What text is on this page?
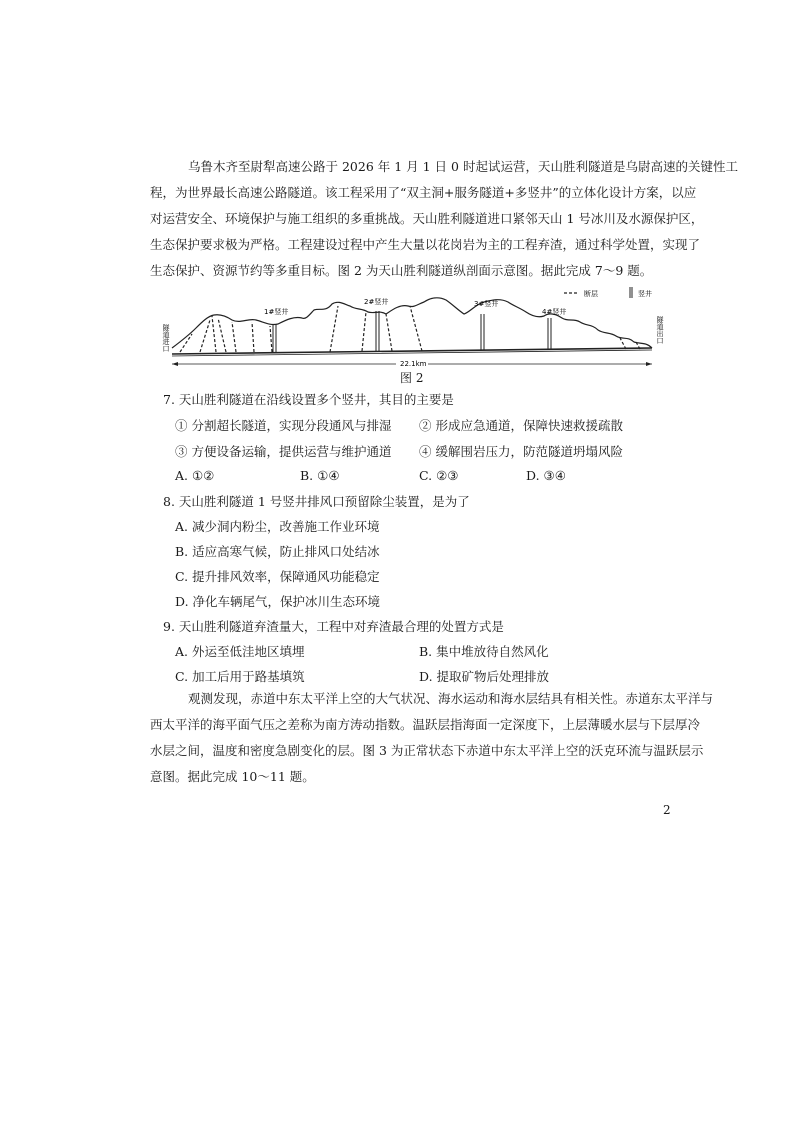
乌鲁木齐至尉犁高速公路于 2026 年 1 月 1 日 0 时起试运营，天山胜利隧道是乌尉高速的关键性工
程，为世界最长高速公路隧道。该工程采用了“双主洞+服务隧道+多竖井”的立体化设计方案，以应
对运营安全、环境保护与施工组织的多重挑战。天山胜利隧道进口紧邻天山 1 号冰川及水源保护区，
生态保护要求极为严格。工程建设过程中产生大量以花岗岩为主的工程弃渣，通过科学处置，实现了
生态保护、资源节约等多重目标。图 2 为天山胜利隧道纵剖面示意图。据此完成 7～9 题。
1#竖井
2#竖井	3#竖井
4#竖井
断层	竖井
隧道进口	隧道出口
22.1km
图 2
7. 天山胜利隧道在沿线设置多个竖井，其目的主要是
① 分割超长隧道，实现分段通风与排湿 ② 形成应急通道，保障快速救援疏散
③ 方便设备运输，提供运营与维护通道 ④ 缓解围岩压力，防范隧道坍塌风险
A. ①②	B. ①④	C. ②③	D. ③④
8. 天山胜利隧道 1 号竖井排风口预留除尘装置，是为了
A. 减少洞内粉尘，改善施工作业环境
B. 适应高寒气候，防止排风口处结冰
C. 提升排风效率，保障通风功能稳定
D. 净化车辆尾气，保护冰川生态环境
9. 天山胜利隧道弃渣量大，工程中对弃渣最合理的处置方式是
A. 外运至低洼地区填埋	B. 集中堆放待自然风化
C. 加工后用于路基填筑	D. 提取矿物后处理排放
观测发现，赤道中东太平洋上空的大气状况、海水运动和海水层结具有相关性。赤道东太平洋与
西太平洋的海平面气压之差称为南方涛动指数。温跃层指海面一定深度下，上层薄暖水层与下层厚冷
水层之间，温度和密度急剧变化的层。图 3 为正常状态下赤道中东太平洋上空的沃克环流与温跃层示
意图。据此完成 10～11 题。
2
